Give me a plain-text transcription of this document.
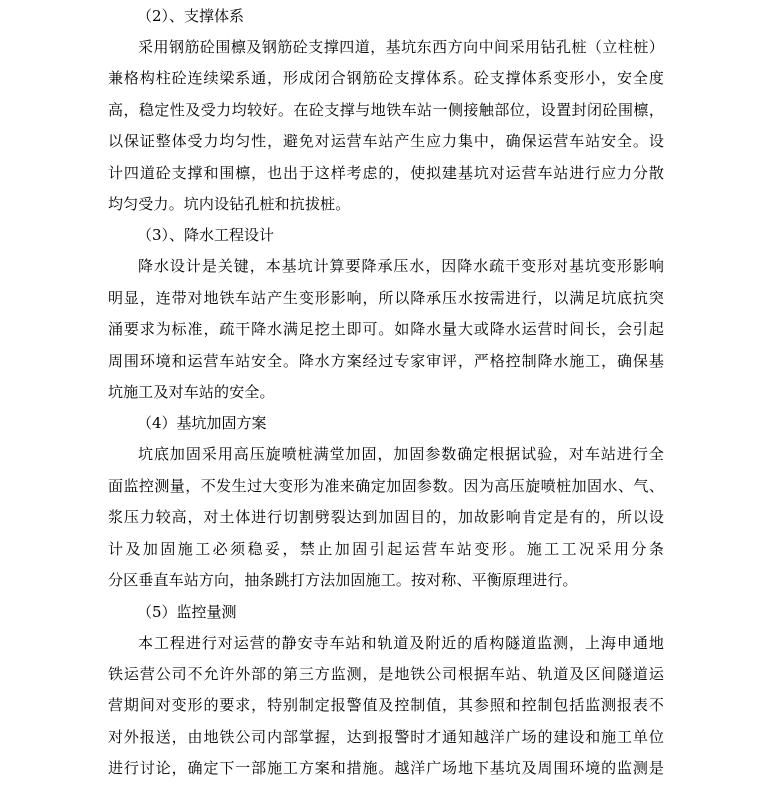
（2）、支撑体系

采用钢筋砼围檩及钢筋砼支撑四道，基坑东西方向中间采用钻孔桩（立柱桩）
兼格构柱砼连续梁系通，形成闭合钢筋砼支撑体系。砼支撑体系变形小，安全度
高，稳定性及受力均较好。在砼支撑与地铁车站一侧接触部位，设置封闭砼围檩，
以保证整体受力均匀性，避免对运营车站产生应力集中，确保运营车站安全。设
计四道砼支撑和围檩，也出于这样考虑的，使拟建基坑对运营车站进行应力分散
均匀受力。坑内设钻孔桩和抗拔桩。

（3）、降水工程设计

降水设计是关键，本基坑计算要降承压水，因降水疏干变形对基坑变形影响
明显，连带对地铁车站产生变形影响，所以降承压水按需进行，以满足坑底抗突
涌要求为标准，疏干降水满足挖土即可。如降水量大或降水运营时间长，会引起
周围环境和运营车站安全。降水方案经过专家审评，严格控制降水施工，确保基
坑施工及对车站的安全。

（4）基坑加固方案

坑底加固采用高压旋喷桩满堂加固，加固参数确定根据试验，对车站进行全
面监控测量，不发生过大变形为准来确定加固参数。因为高压旋喷桩加固水、气、
浆压力较高，对土体进行切割劈裂达到加固目的，加故影响肯定是有的，所以设
计及加固施工必须稳妥，禁止加固引起运营车站变形。施工工况采用分条
分区垂直车站方向，抽条跳打方法加固施工。按对称、平衡原理进行。

（5）监控量测

本工程进行对运营的静安寺车站和轨道及附近的盾构隧道监测，上海申通地
铁运营公司不允许外部的第三方监测，是地铁公司根据车站、轨道及区间隧道运
营期间对变形的要求，特别制定报警值及控制值，其参照和控制包括监测报表不
对外报送，由地铁公司内部掌握，达到报警时才通知越洋广场的建设和施工单位
进行讨论，确定下一部施工方案和措施。越洋广场地下基坑及周围环境的监测是
